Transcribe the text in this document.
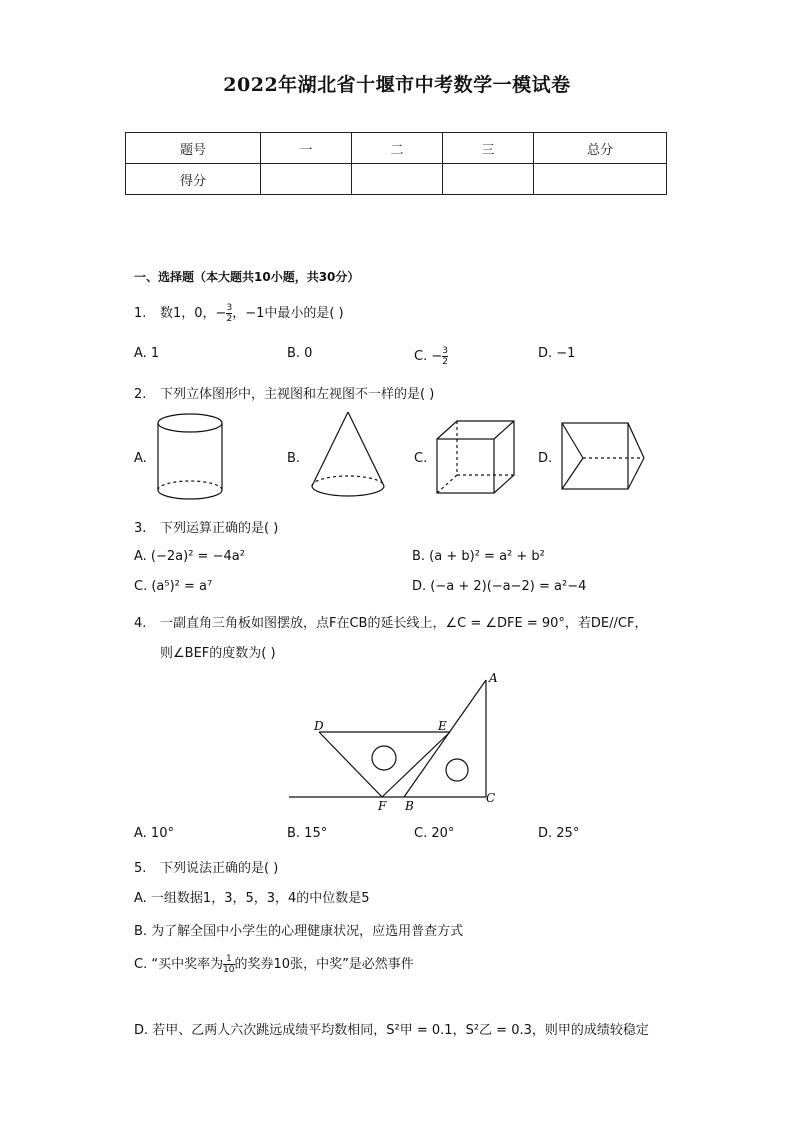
2022年湖北省十堰市中考数学一模试卷
题号	一	二	三	总分
得分				
一、选择题（本大题共10小题，共30分）
1. 数1，0，− $\frac{3}{2}$ ，−1中最小的是( )
A. 1	B. 0	C. − $\frac{3}{2}$	D. −1
2. 下列立体图形中，主视图和左视图不一样的是( )
A.	B.	C.	D.
A
D	E
F B
C
3. 下列运算正确的是( )
A. (−2a)² = −4a²	B. (a + b)² = a² + b²
C. (a⁵)² = a⁷	D. (−a + 2)(−a−2) = a²−4
4. 一副直角三角板如图摆放，点F在CB的延长线上，∠C = ∠DFE = 90°，若DE//CF，
则∠BEF的度数为( )
A. 10°	B. 15°	C. 20°	D. 25°
5. 下列说法正确的是( )
A. 一组数据1，3，5，3，4的中位数是5
B. 为了解全国中小学生的心理健康状况，应选用普查方式
C. “买中奖率为 $\frac{1}{10}$ 的奖券10张，中奖”是必然事件
D. 若甲、乙两人六次跳远成绩平均数相同，S²甲 = 0.1，S²乙 = 0.3，则甲的成绩较稳定
